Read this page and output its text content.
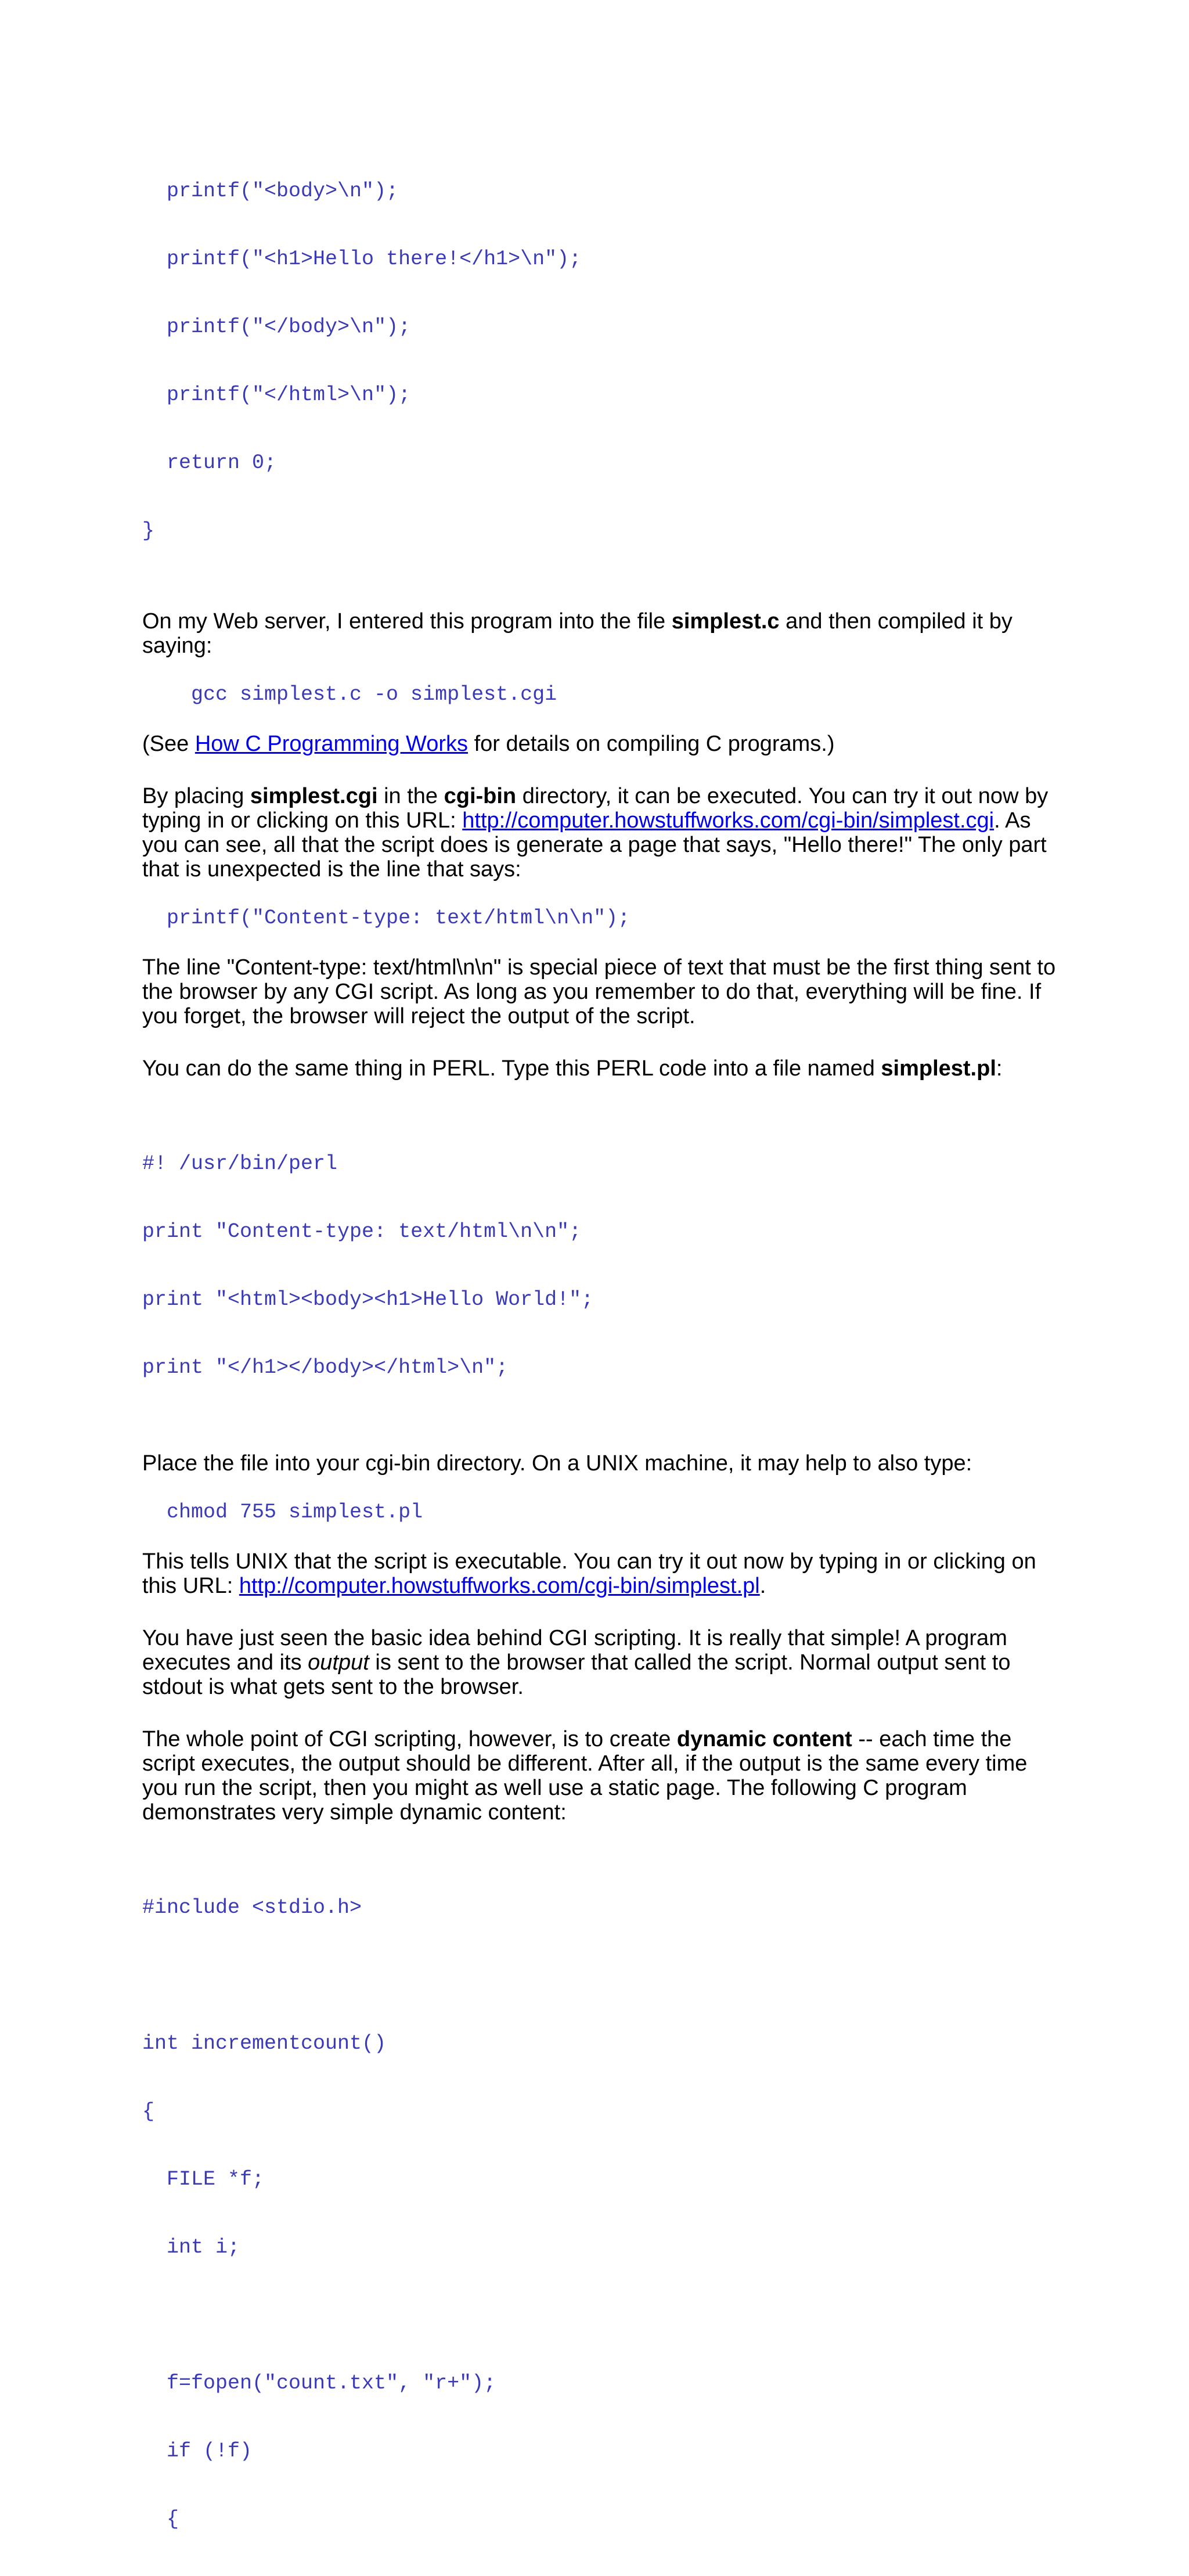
printf("<body>\n");

printf("<h1>Hello there!</h1>\n");

printf("</body>\n");

printf("</html>\n");

return 0;

}

On my Web server, I entered this program into the file simplest.c and then compiled it by saying:

gcc simplest.c -o simplest.cgi

(See How C Programming Works for details on compiling C programs.)

By placing simplest.cgi in the cgi-bin directory, it can be executed. You can try it out now by typing in or clicking on this URL: http://computer.howstuffworks.com/cgi-bin/simplest.cgi. As you can see, all that the script does is generate a page that says, "Hello there!" The only part that is unexpected is the line that says:

printf("Content-type: text/html\n\n");

The line "Content-type: text/html\n\n" is special piece of text that must be the first thing sent to the browser by any CGI script. As long as you remember to do that, everything will be fine. If you forget, the browser will reject the output of the script.

You can do the same thing in PERL. Type this PERL code into a file named simplest.pl:

#! /usr/bin/perl

print "Content-type: text/html\n\n";

print "<html><body><h1>Hello World!";

print "</h1></body></html>\n";

Place the file into your cgi-bin directory. On a UNIX machine, it may help to also type:

chmod 755 simplest.pl

This tells UNIX that the script is executable. You can try it out now by typing in or clicking on this URL: http://computer.howstuffworks.com/cgi-bin/simplest.pl.

You have just seen the basic idea behind CGI scripting. It is really that simple! A program executes and its output is sent to the browser that called the script. Normal output sent to stdout is what gets sent to the browser.

The whole point of CGI scripting, however, is to create dynamic content -- each time the script executes, the output should be different. After all, if the output is the same every time you run the script, then you might as well use a static page. The following C program demonstrates very simple dynamic content:

#include <stdio.h>

int incrementcount()

{

FILE *f;

int i;

f=fopen("count.txt", "r+");

if (!f)

{
